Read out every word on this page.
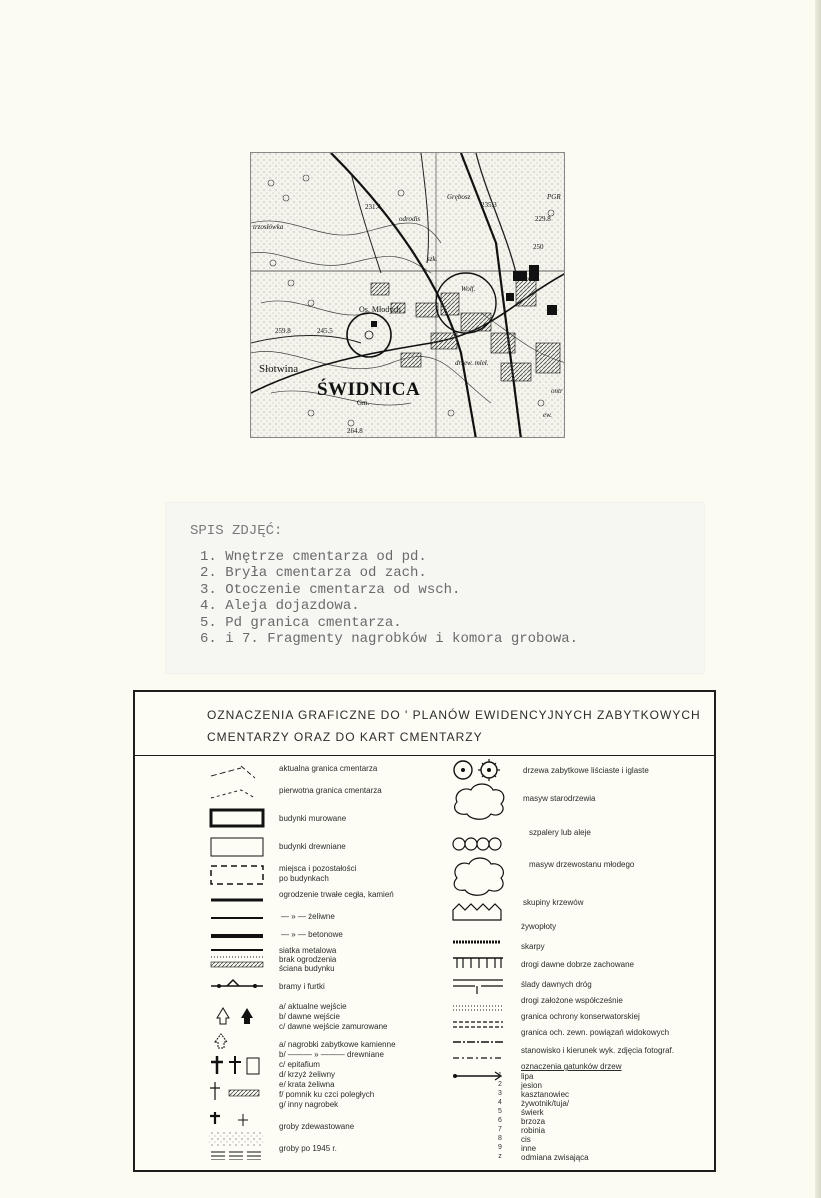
ŚWIDNICA
Gm.
Grębosz	PGR
Os. Młodych
Słotwina
trzosłówka
231.4	235.3
229.8
245.5
259.8
264.8
250
Wolf.
odrodis
szk.
drzew. mleł.
ontr
ew.
SPIS ZDJĘĆ:
1. Wnętrze cmentarza od pd.
2. Bryła cmentarza od zach.
3. Otoczenie cmentarza od wsch.
4. Aleja dojazdowa.
5. Pd granica cmentarza.
6. i 7. Fragmenty nagrobków i komora grobowa.
OZNACZENIA GRAFICZNE DO ' PLANÓW EWIDENCYJNYCH ZABYTKOWYCH
CMENTARZY ORAZ DO KART CMENTARZY
aktualna granica cmentarza
pierwotna granica cmentarza
budynki murowane
budynki drewniane
miejsca i pozostałości
po budynkach
ogrodzenie trwałe cegła, kamień
— » — żeliwne
— » — betonowe
siatka metalowa
brak ogrodzenia
ściana budynku
bramy i furtki
a/ aktualne wejście
b/ dawne wejście
c/ dawne wejście zamurowane
a/ nagrobki zabytkowe kamienne
b/ ——— » ——— drewniane
c/ epitafium
d/ krzyż żeliwny
e/ krata żeliwna
f/ pomnik ku czci poległych
g/ inny nagrobek
groby zdewastowane
groby po 1945 r.
drzewa zabytkowe liściaste i iglaste
masyw starodrzewia
szpalery lub aleje
masyw drzewostanu młodego
skupiny krzewów
żywopłoty
skarpy
drogi dawne dobrze zachowane
ślady dawnych dróg
drogi założone współcześnie
granica ochrony konserwatorskiej
granica och. zewn. powiązań widokowych
stanowisko i kierunek wyk. zdjęcia fotograf.
oznaczenia gatunków drzew
1	lipa
2	jesion
3	kasztanowiec
4	żywotnik/tuja/
5	świerk
6	brzoza
7	robinia
8	cis
9	inne
z	odmiana zwisająca
